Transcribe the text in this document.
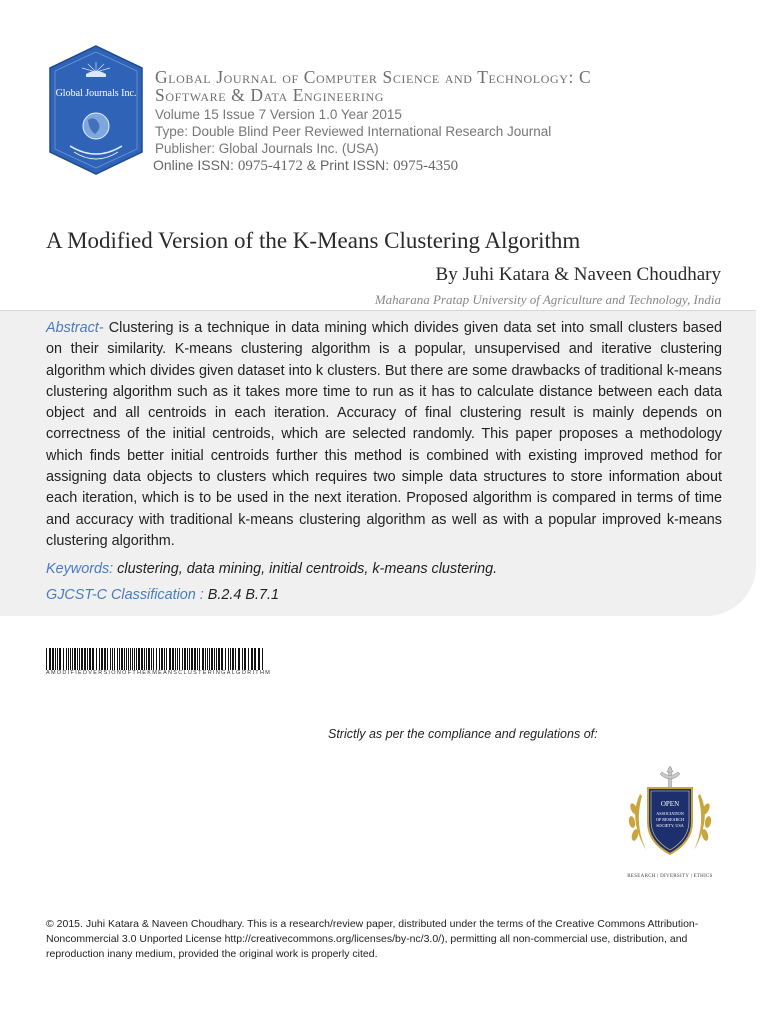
Global Journals Inc.
Global Journal of Computer Science and Technology: C
Software & Data Engineering
Volume 15 Issue 7 Version 1.0 Year 2015
Type: Double Blind Peer Reviewed International Research Journal
Publisher: Global Journals Inc. (USA)
Online ISSN: 0975-4172 & Print ISSN: 0975-4350
A Modified Version of the K-Means Clustering Algorithm
By Juhi Katara & Naveen Choudhary
Maharana Pratap University of Agriculture and Technology, India
Abstract- Clustering is a technique in data mining which divides given data set into small clusters based on their similarity. K-means clustering algorithm is a popular, unsupervised and iterative clustering algorithm which divides given dataset into k clusters. But there are some drawbacks of traditional k-means clustering algorithm such as it takes more time to run as it has to calculate distance between each data object and all centroids in each iteration. Accuracy of final clustering result is mainly depends on correctness of the initial centroids, which are selected randomly. This paper proposes a methodology which finds better initial centroids further this method is combined with existing improved method for assigning data objects to clusters which requires two simple data structures to store information about each iteration, which is to be used in the next iteration. Proposed algorithm is compared in terms of time and accuracy with traditional k-means clustering algorithm as well as with a popular improved k-means clustering algorithm.
Keywords: clustering, data mining, initial centroids, k-means clustering.
GJCST-C Classification : B.2.4 B.7.1
AMODIFIEDVERSIONOFTHEKMEANSCLUSTERINGALGORITHM
Strictly as per the compliance and regulations of:
OPEN
ASSOCIATION
OF RESEARCH
SOCIETY, USA
RESEARCH | DIVERSITY | ETHICS
© 2015. Juhi Katara & Naveen Choudhary. This is a research/review paper, distributed under the terms of the Creative Commons Attribution-Noncommercial 3.0 Unported License http://creativecommons.org/licenses/by-nc/3.0/), permitting all non-commercial use, distribution, and reproduction inany medium, provided the original work is properly cited.
